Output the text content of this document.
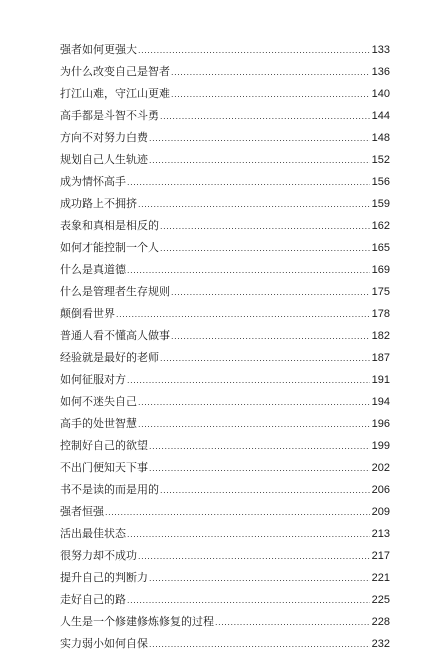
强者如何更强大 .....	133
为什么改变自己是智者 .....	136
打江山难，守江山更难 .....	140
高手都是斗智不斗勇 .....	144
方向不对努力白费 .....	148
规划自己人生轨迹 .....	152
成为情怀高手 .....	156
成功路上不拥挤 .....	159
表象和真相是相反的 .....	162
如何才能控制一个人 .....	165
什么是真道德 .....	169
什么是管理者生存规则 .....	175
颠倒看世界 .....	178
普通人看不懂高人做事 .....	182
经验就是最好的老师 .....	187
如何征服对方 .....	191
如何不迷失自己 .....	194
高手的处世智慧 .....	196
控制好自己的欲望 .....	199
不出门便知天下事 .....	202
书不是读的而是用的 .....	206
强者恒强 .....	209
活出最佳状态 .....	213
很努力却不成功 .....	217
提升自己的判断力 .....	221
走好自己的路 .....	225
人生是一个修建修炼修复的过程 .....	228
实力弱小如何自保 .....	232
